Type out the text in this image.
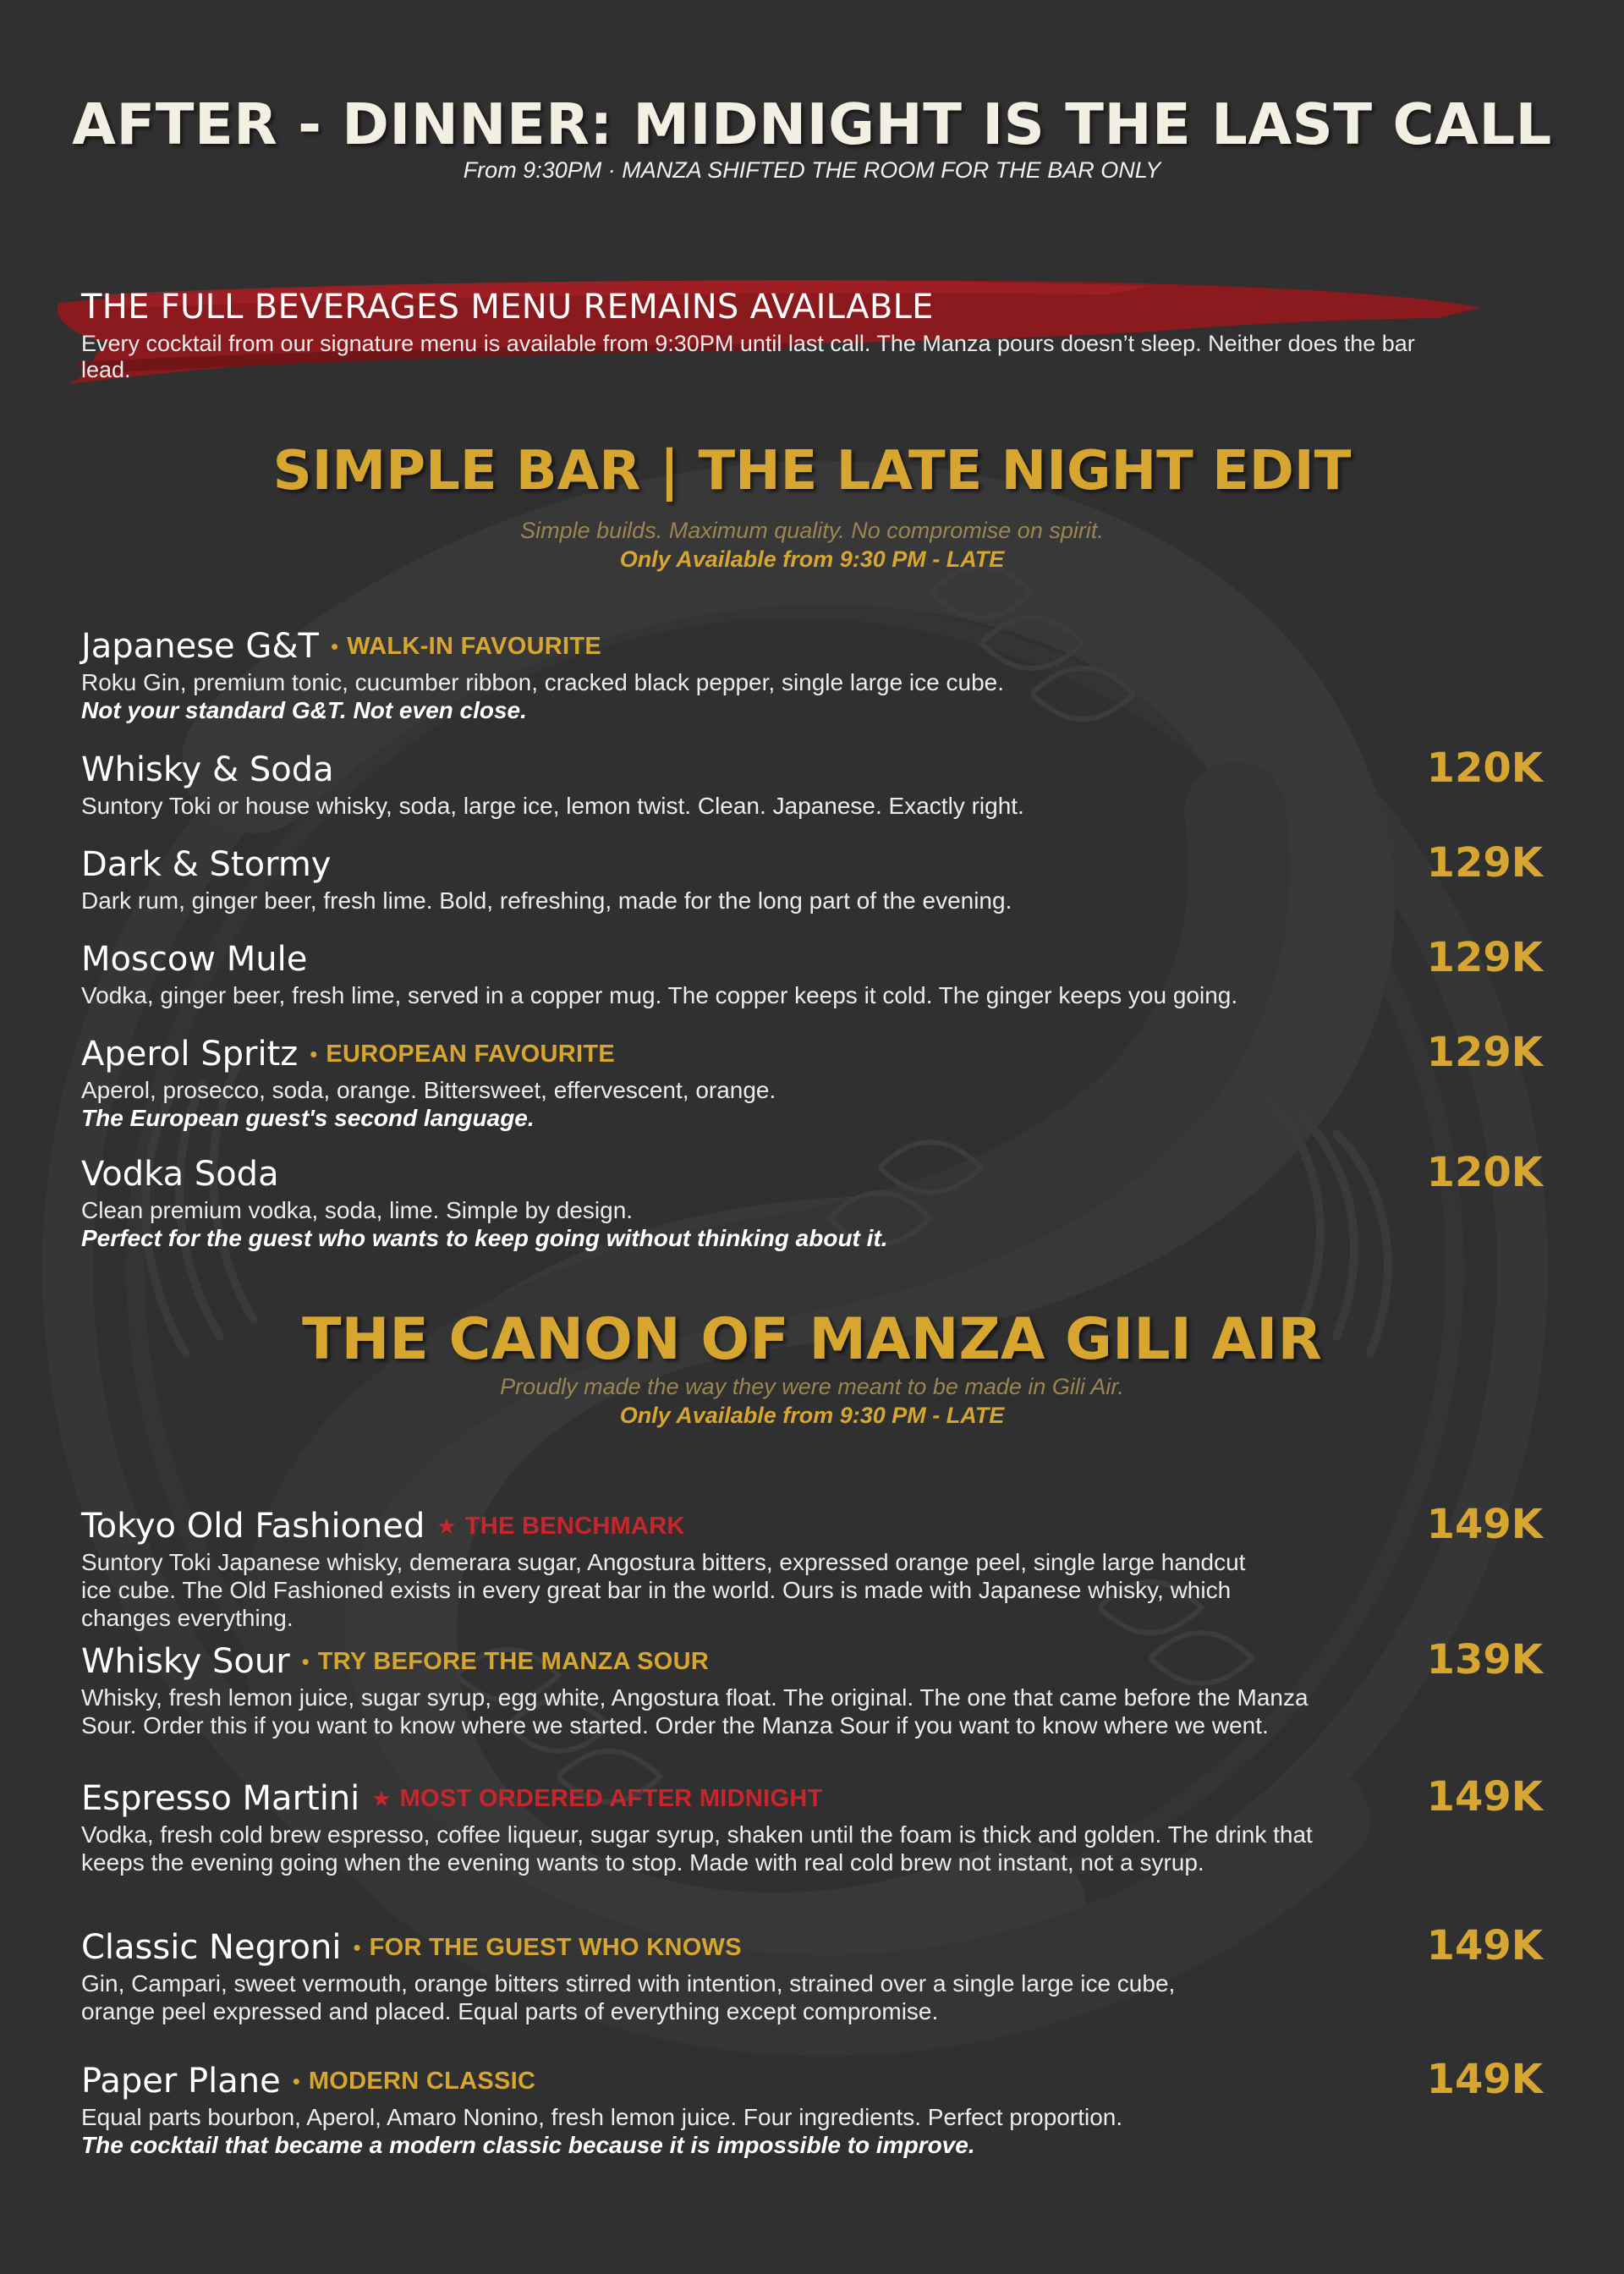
AFTER - DINNER: MIDNIGHT IS THE LAST CALL
From 9:30PM · MANZA SHIFTED THE ROOM FOR THE BAR ONLY
THE FULL BEVERAGES MENU REMAINS AVAILABLE
Every cocktail from our signature menu is available from 9:30PM until last call. The Manza pours doesn’t sleep. Neither does the bar lead.
SIMPLE BAR | THE LATE NIGHT EDIT
Simple builds. Maximum quality. No compromise on spirit.
Only Available from 9:30 PM - LATE
Japanese G&T • WALK-IN FAVOURITE
Roku Gin, premium tonic, cucumber ribbon, cracked black pepper, single large ice cube.
Not your standard G&T. Not even close.
Whisky & Soda
Suntory Toki or house whisky, soda, large ice, lemon twist. Clean. Japanese. Exactly right.
120K
Dark & Stormy
Dark rum, ginger beer, fresh lime. Bold, refreshing, made for the long part of the evening.
129K
Moscow Mule
Vodka, ginger beer, fresh lime, served in a copper mug. The copper keeps it cold. The ginger keeps you going.
129K
Aperol Spritz • EUROPEAN FAVOURITE
Aperol, prosecco, soda, orange. Bittersweet, effervescent, orange.
The European guest's second language.
129K
Vodka Soda
Clean premium vodka, soda, lime. Simple by design.
Perfect for the guest who wants to keep going without thinking about it.
120K
THE CANON OF MANZA GILI AIR
Proudly made the way they were meant to be made in Gili Air.
Only Available from 9:30 PM - LATE
Tokyo Old Fashioned ★ THE BENCHMARK
Suntory Toki Japanese whisky, demerara sugar, Angostura bitters, expressed orange peel, single large handcut ice cube. The Old Fashioned exists in every great bar in the world. Ours is made with Japanese whisky, which changes everything.
149K
Whisky Sour • TRY BEFORE THE MANZA SOUR
Whisky, fresh lemon juice, sugar syrup, egg white, Angostura float. The original. The one that came before the Manza Sour. Order this if you want to know where we started. Order the Manza Sour if you want to know where we went.
139K
Espresso Martini ★ MOST ORDERED AFTER MIDNIGHT
Vodka, fresh cold brew espresso, coffee liqueur, sugar syrup, shaken until the foam is thick and golden. The drink that keeps the evening going when the evening wants to stop. Made with real cold brew not instant, not a syrup.
149K
Classic Negroni • FOR THE GUEST WHO KNOWS
Gin, Campari, sweet vermouth, orange bitters stirred with intention, strained over a single large ice cube, orange peel expressed and placed. Equal parts of everything except compromise.
149K
Paper Plane • MODERN CLASSIC
Equal parts bourbon, Aperol, Amaro Nonino, fresh lemon juice. Four ingredients. Perfect proportion.
The cocktail that became a modern classic because it is impossible to improve.
149K
